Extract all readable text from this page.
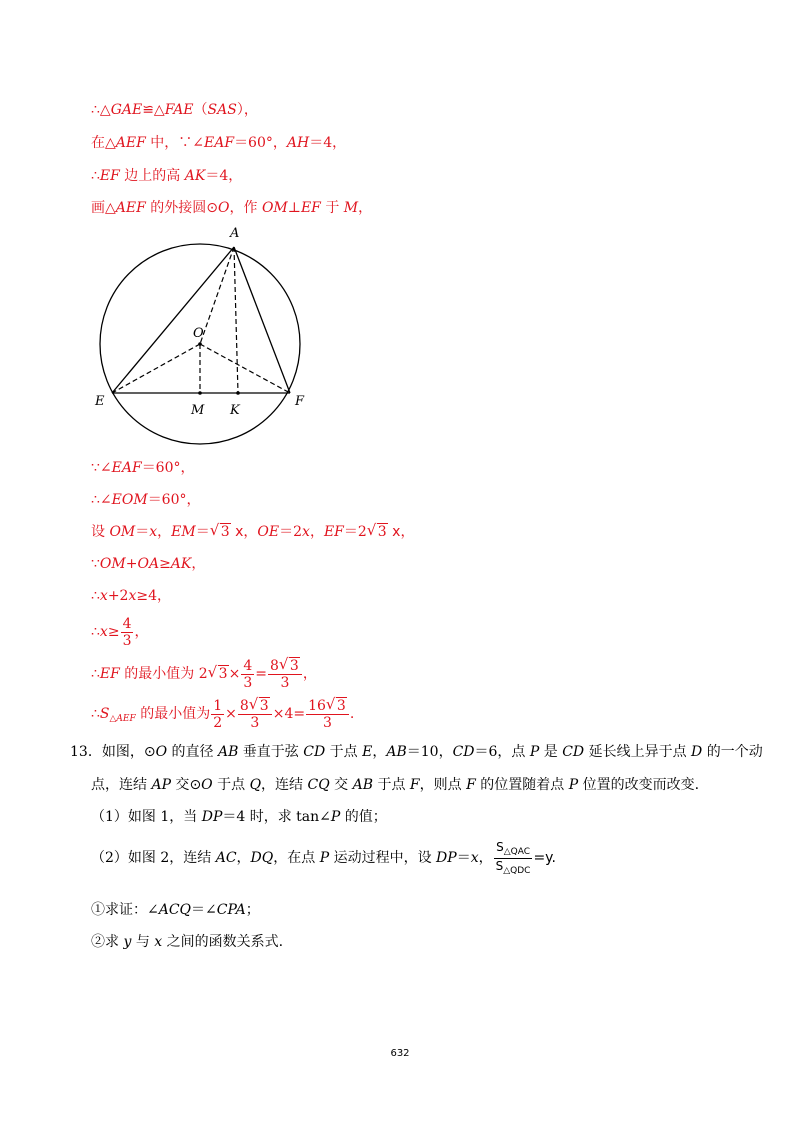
∴△GAE≌△FAE（SAS），
在△AEF 中，∵∠EAF＝60°，AH＝4，
∴EF 边上的高 AK＝4，
画△AEF 的外接圆⊙O，作 OM⊥EF 于 M，
A
O
E
M K
F
∵∠EAF＝60°，
∴∠EOM＝60°，
设 OM＝x，EM＝ √ 3 x，OE＝2x，EF＝2 √ 3 x，
∵OM+OA≥AK，
∴x+2x≥4，
∴x≥ $\frac{4}{3}$ ，
∴EF 的最小值为 2 √ $3\times \frac{4}{3} = \frac{8 √ 3}{3}$ ，
$\therefore S_{\triangle AEF}$ 的最小值为 $\frac{1}{2} \times \frac{8 √ 3}{3} \times 4= \frac{16 √ 3}{3}$ .
13．如图，⊙O 的直径 AB 垂直于弦 CD 于点 E，AB＝10，CD＝6，点 P 是 CD 延长线上异于点 D 的一个动
点，连结 AP 交⊙O 于点 Q，连结 CQ 交 AB 于点 F，则点 F 的位置随着点 P 位置的改变而改变.
（1）如图 1，当 DP＝4 时，求 tan∠P 的值；
（2）如图 2，连结 AC，DQ，在点 P 运动过程中，设 DP＝x， $\frac{S_{\triangle QAC}}{S_{\triangle QDC}} =y$.
①求证：∠ACQ＝∠CPA；
②求 y 与 x 之间的函数关系式.
632
